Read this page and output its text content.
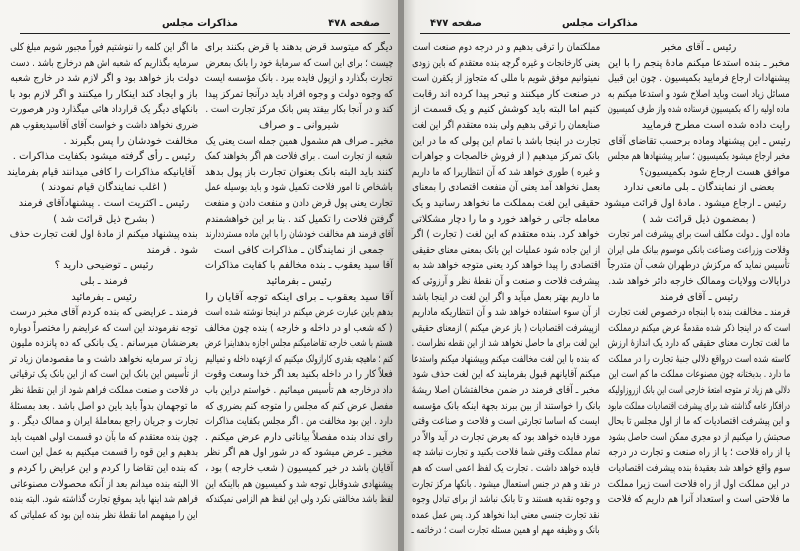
صفحه ۴۷۸
مذاکرات مجلس
ما اگر این کلمه را ننوشتیم فوراً مجبور شویم مبلغ کلی
سرمایه بگذاریم که شعبه اش هم درخارج باشد . دست
دولت باز خواهد بود و اگر لازم شد در خارج شعبه
باز و ایجاد کند اینکار را میکنند و اگر لازم بود با
بانکهای دیگر یک قرارداد هائی میگذارد ودر هرصورت
ضرری نخواهد داشت و خواست آقای آقاسیدیعقوب هم
مخالفت خودشان را پس بگیرند .
رئیس ـ رأی گرفته میشود بکفایت مذاکرات .
آقایانیکه مذاکرات را کافی میدانند قیام بفرمایند
( اغلب نمایندگان قیام نمودند )
رئیس ـ اکثریت است . پیشنهادآقای فرمند
( بشرح ذیل قرائت شد )
بنده پیشنهاد میکنم از مادهٔ اول لغت تجارت حذف
شود . فرمند
رئیس ـ توضیحی دارید ؟
فرمند ـ بلی
رئیس ـ بفرمائید
فرمند ـ عرایضی که بنده کردم آقای مخبر درست
توجه نفرمودند این است که عرایضم را مختصراً دوباره
بعرضشان میرسانم . یک بانکی که ده پانزده ملیون
زیاد تر سرمایه نخواهد داشت و ما مقصودمان زیاد تر
از تأسیس این بانک این است که از این بانک یک ترقیاتی
در فلاحت و صنعت مملکت فراهم شود از این نقطهٔ نظر
ما توجهمان بدواً باید باین دو اصل باشد . بعد بمسئلهٔ
تجارت و جریان راجع بمعاملهٔ ایران و ممالک دیگر . و
چون بنده معتقدم که ما بآن دو قسمت اولی اهمیت باید
بدهیم و این قوه را قسمت میکنیم به عمل این است
که بنده این تقاضا را کردم و این عرایض را کردم و
الا البته بنده میدانم بعد از آنکه محصولات مصنوعاتی
فراهم شد اینها باید بموقع تجارت گذاشته شود. البته بنده
این را میفهمم اما نقطهٔ نظر بنده این بود که عملیاتی که
دیگر که میتوسد قرض بدهند یا قرض بکنند برای
چیست ؛ برای این است که سرمایهٔ خود را بانک بمعرض
تجارت بگذارد و ازپول فایده ببرد . بانک مؤسسه ایست
که وجوه دولت و وجوه افراد باید درآنجا تمرکز پیدا
کند و در آنجا بکار بیفتد پس بانک مرکز تجارت است .
شیروانی ـ و صراف
مخبر ـ صراف هم مشمول همین جمله است یعنی یک
شعبه از تجارت است . برای فلاحت هم اگر بخواهند کمک
کنند باید البته بانک بعنوان تجارت باز پول بدهد
باشخاص تا امور فلاحت تکمیل شود و باید بوسیله عمل
تجارت یعنی پول قرض دادن و منفعت دادن و منفعت
گرفتن فلاحت را تکمیل کند . بنا بر این خواهشمندم
آقای فرمند هم مخالفت خودشان را با این ماده مسترددارند
جمعی از نمایندگان ـ مذاکرات کافی است
آقا سید یعقوب ـ بنده مخالفم با کفایت مذاکرات
رئیس ـ بفرمائید
آقا سید یعقوب ـ برای اینکه توجه آقایان را
بدهم باین عبارت عرض میکنم در اینجا نوشته شده است
( که شعب او در داخله و خارجه ) بنده چون مخالف
هستم با شعب خارجه تقاضامیکنم مجلس اجازه بدهداینرا عرض
کنم ؛ ماهیچه بقدری کارازولک میکنیم که ازعهده داخله و تمیالیم
فعلاً کار را در داخله بکنید بعد اگر خدا وسعت وقوت
داد درخارجه هم تأسیس میمائیم . خواستم دراین باب
مفصل عرض کنم که مجلس را متوجه کنم بضرری که
دارد . این بود مخالفت من . اگر مجلس بکفایت مذاکرات
رای نداد بنده مفصلاً بیاناتی دارم عرض میکنم .
مخبر ـ عرض میشود که در شور اول هم اگر نظر
آقایان باشد در خیر کمیسیون ( شعب خارجه ) بود ،
پیشنهادی شدوقابل توجه شد و کمیسیون هم بااینکه این
لفظ باشد مخالفتی نکرد ولی این لفظ هم الزامی نمیکندکه
صفحه ۴۷۷	مذاکرات مجلس
مملکتمان را ترقی بدهیم و در درجه دوم صنعت است
یعنی کارخانجات و غیره گرچه بنده معتقدم که باین زودی
نمیتوانیم موفق شویم با مللی که متجاوز از یکقرن است
در صنعت کار میکنند و تبحر پیدا کرده اند رقابت
کنیم اما البته باید کوشش کنیم و یک قسمت از
صنایعمان را ترقی بدهیم ولی بنده معتقدم اگر این لغت
تجارت در اینجا باشد با تمام این پولی که ما در این
بانک تمرکز میدهیم ( از فروش خالصجات و جواهرات
و غیره ) طوری خواهد شد که آن انتظاریرا که ما داریم
بعمل نخواهد آمد یعنی آن منفعت اقتصادی را بمعنای
حقیقی این لغت بمملکت ما نخواهد رسانید و یک
معامله جاتی ر خواهد خورد و ما را دچار مشکلاتی
خواهد کرد. بنده معتقدم که این لغت ( تجارت ) اگر
از این جاده شود عملیات این بانک بمعنی معنای حقیقی
اقتصادی را پیدا خواهد کرد یعنی متوجه خواهد شد به
پیشرفت فلاحت و صنعت و آن نقطهٔ نظر و آرزوئی که
ما داریم بهتر بعمل میآید و اگر این لغت در اینجا باشد
از آن سوء استفاده خواهد شد و آن انتظاریکه ماداریم
ازپیشرفت اقتصادیات ( باز عرض میکنم ) ازمعنای حقیقی
این لغت برای ما حاصل نخواهد شد از این نقطه نظراست .
که بنده با این لغت مخالفت میکنم وپیشنهاد میکنم واستدعا
میکنم آقایانهم قبول بفرمایند که این لغت حذف شود
مخبر ـ آقای فرمند در ضمن مخالفتشان اصلا ریشهٔ
بانک را خواستند از بین ببرند بجهة اینکه بانک مؤسسه
ایست که اساسا تجارتی است و فلاحت و صناعت وقتی
مورد فایده خواهد بود که بعرض تجارت در آید والاّ در
تمام مملکت وقتی شما فلاحت بکنید و تجارت نباشد چه
فایده خواهد داشت . تجارت یک لفظ اعمی است که هم
در نقد و هم در جنس استعمال میشود . بانکها مرکز تجارت
و وجوه نقدیه هستند و تا بانک نباشد از برای تبادل وجوه
نقد تجارت جنسی معنی ابدا نخواهد کرد. پس عمل عمده
بانک و وظیفه مهم او همین مسئله تجارت است ؛ درخاتمه ـ
رئیس ـ آقای مخبر
مخبر ـ بنده استدعا میکنم مادهٔ پنجم را با این
پیشنهادات ارجاع فرمایید بکمیسیون . چون این قبیل
مسائل زیاد است وباید اصلاح شود و استدعا میکنم به
ماده اولیه را که بکمیسیون فرستاده شده واز طرف کمیسیون
رایت داده شده است مطرح فرمایید
رئیس ـ این پیشنهاد وماده برحسب تقاضای آقای
مخبر ارجاع میشود بکمیسیون ؛ سایر پیشنهادها هم مجلس
موافق هست ارجاع شود بکمیسیون؟
بعضی از نمایندگان ـ بلی مانعی ندارد
رئیس ـ ارجاع میشود . مادهٔ اول قرائت میشود
( بمضمون ذیل قرائت شد )
ماده اول ـ دولت مکلف است برای پیشرفت امر تجارت
وفلاحت وزراعت وصناعت بانکی موسوم ببانک ملی ایران
تأسیس نماید که مرکزش درطهران شعب آن متدرجاً
درایالات وولایات وممالک خارجه دائر خواهد شد.
رئیس ـ آقای فرمند
فرمند ـ مخالفت بنده با ابنجاه درخصوص لغت تجارت
است که در اینجا ذکر شده مقدمةً عرض میکنم درمملکت
ما لغت تجارت معنای حقیقی که دارد یک اندازهٔ ارزش
کاسته شده است درواقع دلالی جنبهٔ تجارت را در مملکت
ما دارد . بدبختانه چون مصنوعات مملکت ما کم است این
دلالی هم زیاد تر متوجه امتعهٔ خارجی است این بانک ازروزاولیکه
درافکار عامه گذاشته شد برای پیشرفت اقتصادیات مملکت مابود
و این پیشرفت اقتصادیات که ما از اول مجلس تا بحال
صحبتش را میکنیم از دو مجری ممکن است حاصل بشود
یا از راه فلاحت ؛ یا از راه صنعت و تجارت در درجه
سوم واقع خواهد شد بعقیدهٔ بنده پیشرفت اقتصادیات
در این مملکت اول از راه فلاحت است زیرا مملکت
ما فلاحتی است و استعداد آنرا هم داریم که فلاحت
